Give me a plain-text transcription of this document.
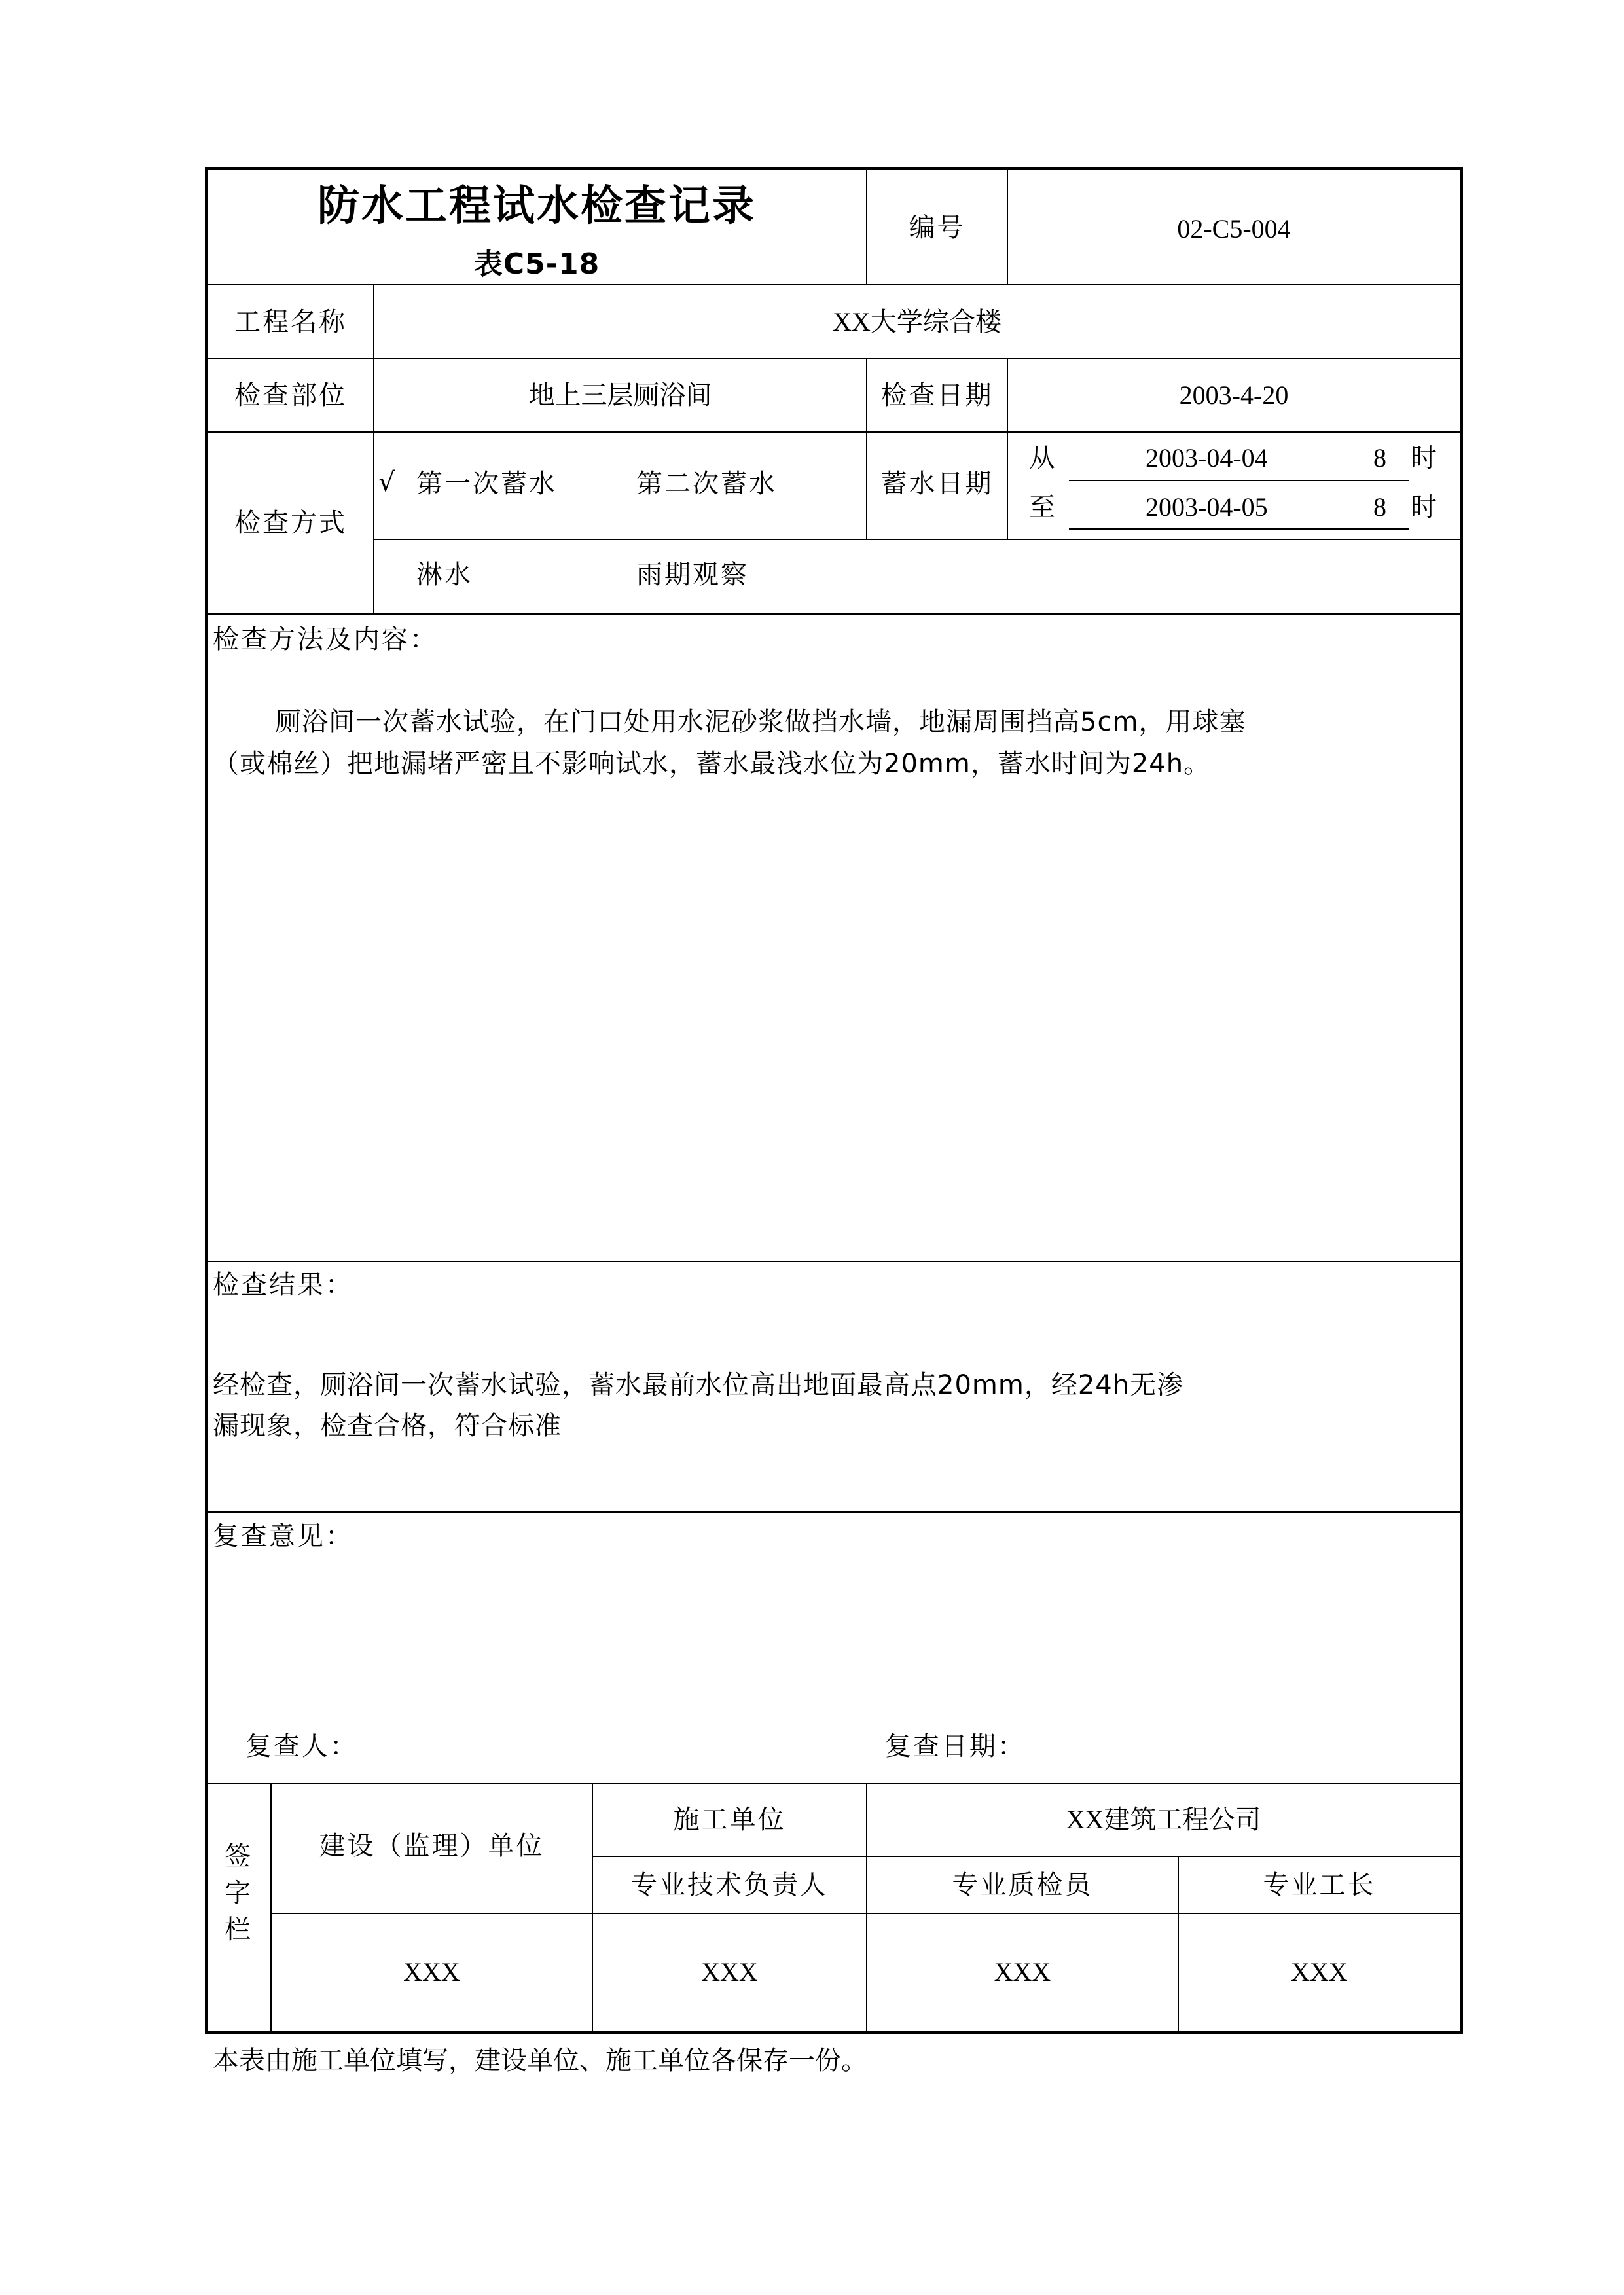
防水工程试水检查记录
表C5-18
编号	02-C5-004
工程名称	XX大学综合楼
检查部位	地上三层厕浴间	检查日期	2003-4-20
检查方式
√ 第一次蓄水	第二次蓄水
淋水	雨期观察
蓄水日期
从	2003-04-04	8 时
至	2003-04-05	8 时
检查方法及内容：
厕浴间一次蓄水试验，在门口处用水泥砂浆做挡水墙，地漏周围挡高5cm，用球塞
（或棉丝）把地漏堵严密且不影响试水，蓄水最浅水位为20mm，蓄水时间为24h。
检查结果：
经检查，厕浴间一次蓄水试验，蓄水最前水位高出地面最高点20mm，经24h无渗
漏现象，检查合格，符合标准
复查意见：
复查人：	复查日期：
签
字
栏
建设（监理）单位
施工单位	XX建筑工程公司
专业技术负责人	专业质检员	专业工长
XXX	XXX	XXX	XXX
本表由施工单位填写，建设单位、施工单位各保存一份。
